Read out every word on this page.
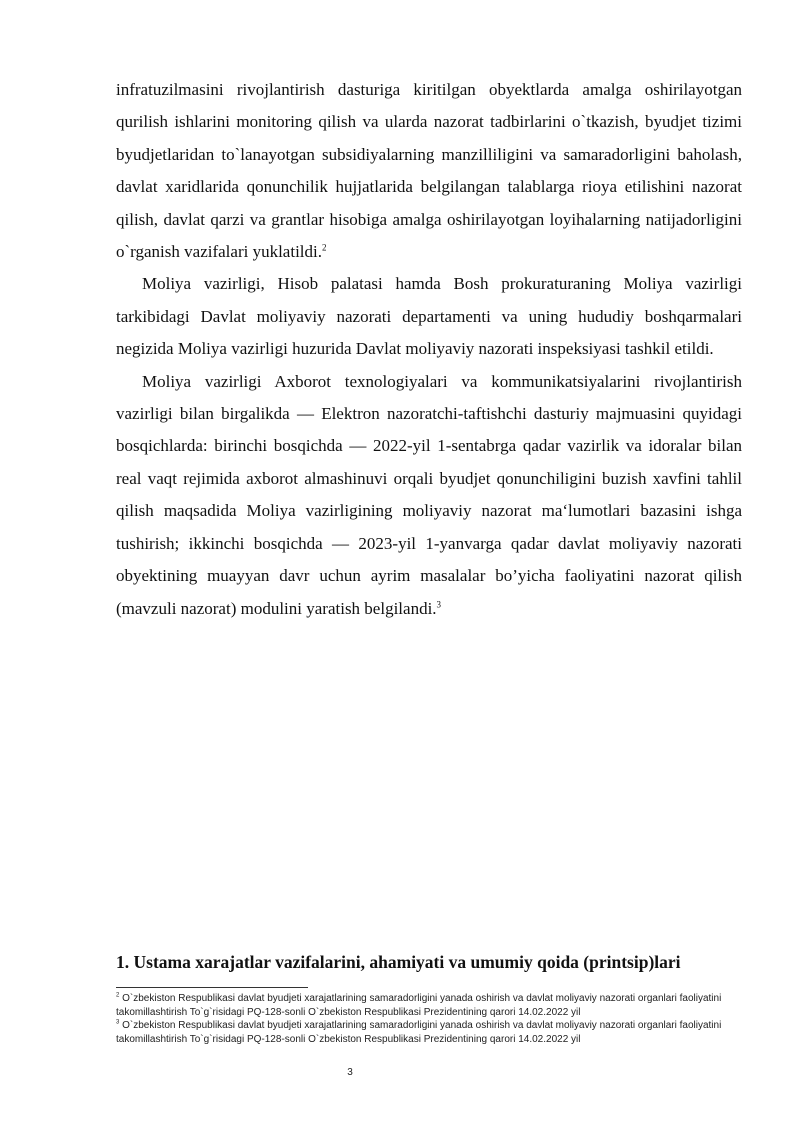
infratuzilmasini rivojlantirish dasturiga kiritilgan obyektlarda amalga oshirilayotgan qurilish ishlarini monitoring qilish va ularda nazorat tadbirlarini o`tkazish, byudjet tizimi byudjetlaridan to`lanayotgan subsidiyalarning manzilliligini va samaradorligini baholash, davlat xaridlarida qonunchilik hujjatlarida belgilangan talablarga rioya etilishini nazorat qilish, davlat qarzi va grantlar hisobiga amalga oshirilayotgan loyihalarning natijadorligini o`rganish vazifalari yuklatildi.$^2$

Moliya vazirligi, Hisob palatasi hamda Bosh prokuraturaning Moliya vazirligi tarkibidagi Davlat moliyaviy nazorati departamenti va uning hududiy boshqarmalari negizida Moliya vazirligi huzurida Davlat moliyaviy nazorati inspeksiyasi tashkil etildi.

Moliya vazirligi Axborot texnologiyalari va kommunikatsiyalarini rivojlantirish vazirligi bilan birgalikda — Elektron nazoratchi-taftishchi dasturiy majmuasini quyidagi bosqichlarda: birinchi bosqichda — 2022-yil 1-sentabrga qadar vazirlik va idoralar bilan real vaqt rejimida axborot almashinuvi orqali byudjet qonunchiligini buzish xavfini tahlil qilish maqsadida Moliya vazirligining moliyaviy nazorat maʻlumotlari bazasini ishga tushirish; ikkinchi bosqichda — 2023-yil 1-yanvarga qadar davlat moliyaviy nazorati obyektining muayyan davr uchun ayrim masalalar bo’yicha faoliyatini nazorat qilish (mavzuli nazorat) modulini yaratish belgilandi.$^3$

1. Ustama xarajatlar vazifalarini, ahamiyati va umumiy qoida (printsip)lari

$^2$ O`zbekiston Respublikasi davlat byudjeti xarajatlarining samaradorligini yanada oshirish va davlat moliyaviy nazorati organlari faoliyatini takomillashtirish To`g`risidagi PQ-128-sonli O`zbekiston Respublikasi Prezidentining qarori 14.02.2022 yil

$^3$ O`zbekiston Respublikasi davlat byudjeti xarajatlarining samaradorligini yanada oshirish va davlat moliyaviy nazorati organlari faoliyatini takomillashtirish To`g`risidagi PQ-128-sonli O`zbekiston Respublikasi Prezidentining qarori 14.02.2022 yil

3
